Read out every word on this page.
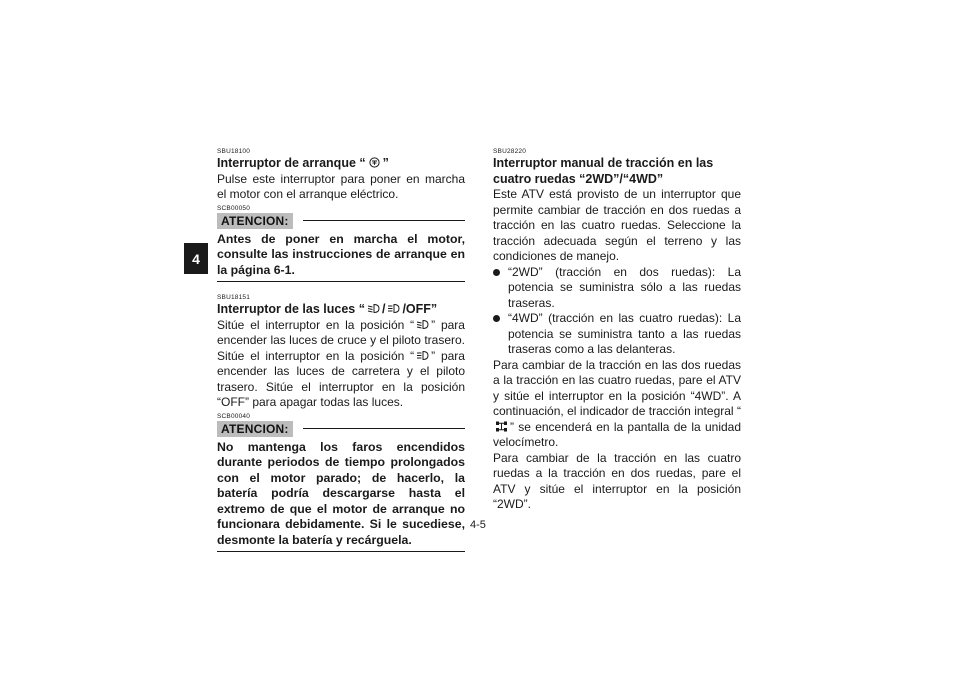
4
SBU18100
Interruptor de arranque “ ”
Pulse este interruptor para poner en marcha el motor con el arranque eléctrico.
SCB00050
ATENCION:
Antes de poner en marcha el motor, consulte las instrucciones de arranque en la página 6-1.
SBU18151
Interruptor de las luces “ / /OFF”
Sitúe el interruptor en la posición “ ” para encender las luces de cruce y el piloto trasero. Sitúe el interruptor en la posición “ ” para encender las luces de carretera y el piloto trasero. Sitúe el interruptor en la posición “OFF” para apagar todas las luces.
SCB00040
ATENCION:
No mantenga los faros encendidos durante periodos de tiempo prolongados con el motor parado; de hacerlo, la batería podría descargarse hasta el extremo de que el motor de arranque no funcionara debidamente. Si le sucediese, desmonte la batería y recárguela.
SBU28220
Interruptor manual de tracción en las cuatro ruedas “2WD”/“4WD”
Este ATV está provisto de un interruptor que permite cambiar de tracción en dos ruedas a tracción en las cuatro ruedas. Seleccione la tracción adecuada según el terreno y las condiciones de manejo.
“2WD” (tracción en dos ruedas): La potencia se suministra sólo a las ruedas traseras.
“4WD” (tracción en las cuatro ruedas): La potencia se suministra tanto a las ruedas traseras como a las delanteras.
Para cambiar de la tracción en las dos ruedas a la tracción en las cuatro ruedas, pare el ATV y sitúe el interruptor en la posición “4WD”. A continuación, el indicador de tracción integral “” se encenderá en la pantalla de la unidad velocímetro.
Para cambiar de la tracción en las cuatro ruedas a la tracción en dos ruedas, pare el ATV y sitúe el interruptor en la posición “2WD”.
4-5
